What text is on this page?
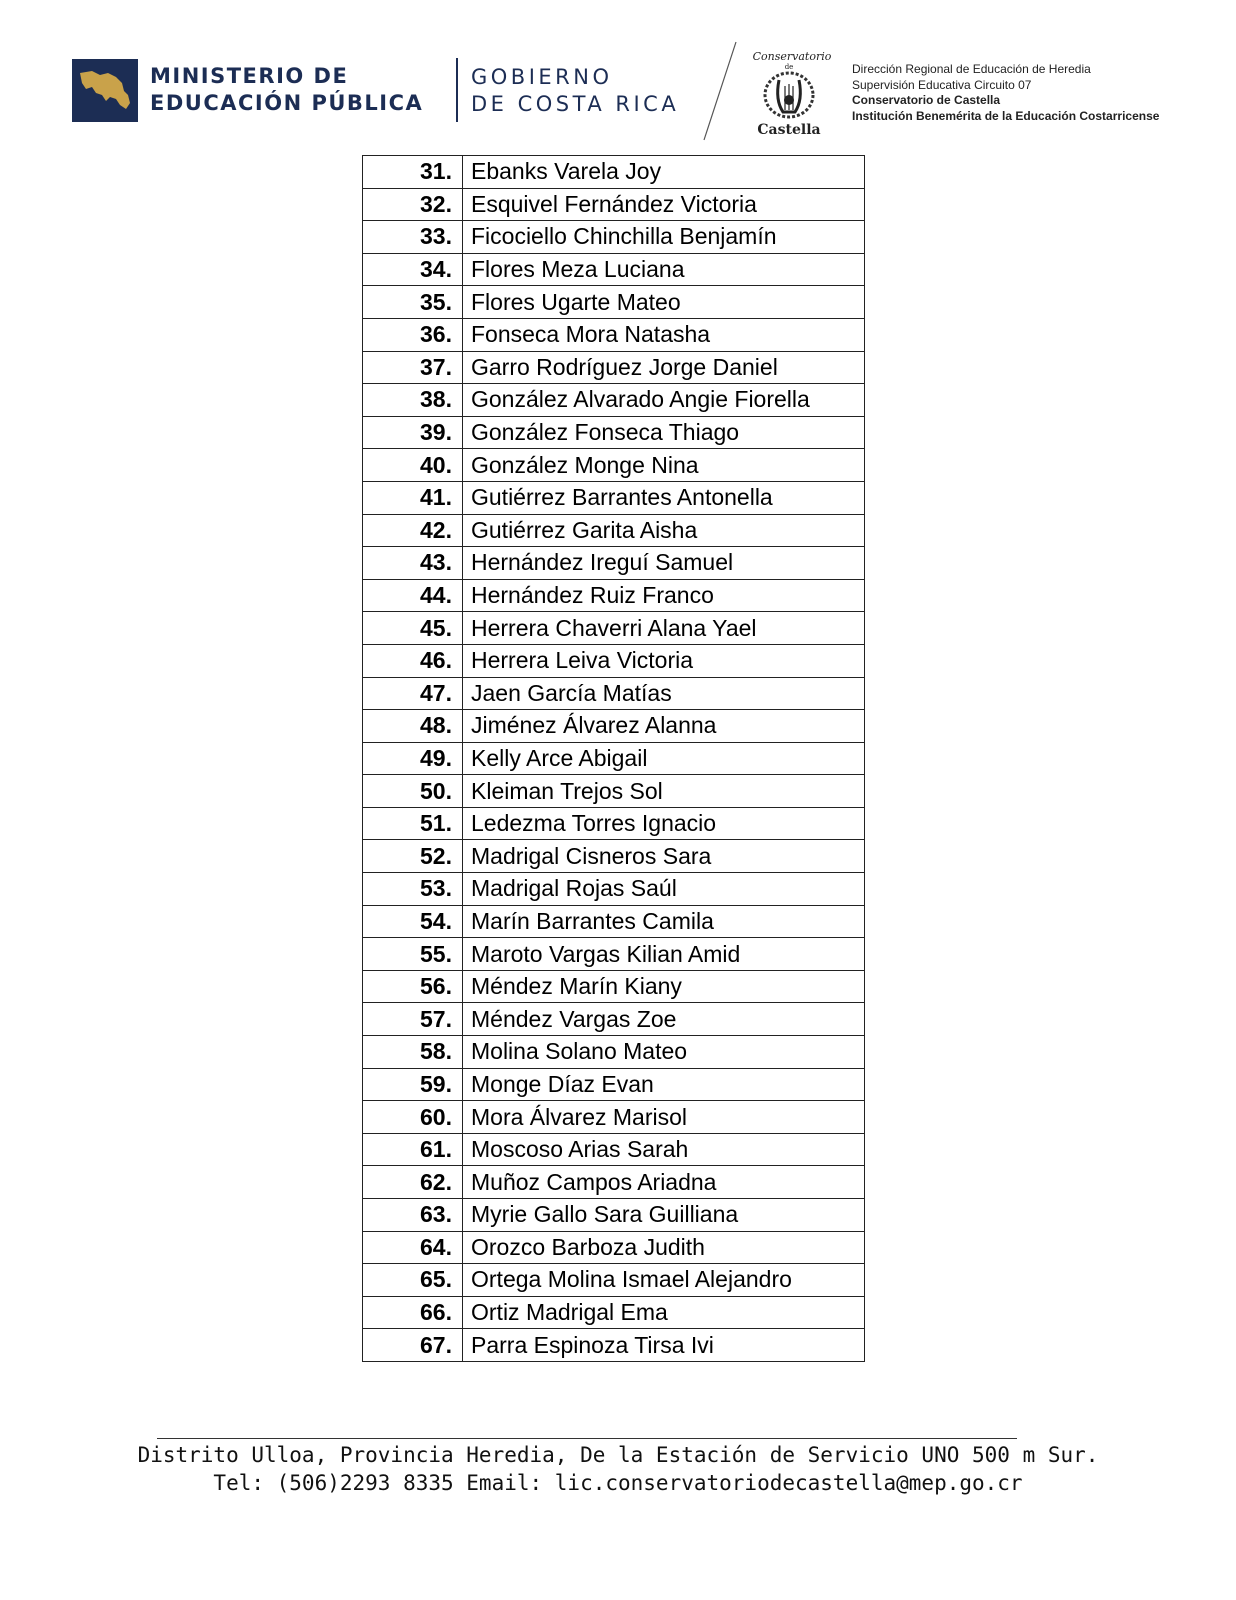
MINISTERIO DE
EDUCACIÓN PÚBLICA
GOBIERNO
DE COSTA RICA
Conservatorio
de
Castella
Dirección Regional de Educación de Heredia
Supervisión Educativa Circuito 07
Conservatorio de Castella
Institución Benemérita de la Educación Costarricense
31.	Ebanks Varela Joy
32.	Esquivel Fernández Victoria
33.	Ficociello Chinchilla Benjamín
34.	Flores Meza Luciana
35.	Flores Ugarte Mateo
36.	Fonseca Mora Natasha
37.	Garro Rodríguez Jorge Daniel
38.	González Alvarado Angie Fiorella
39.	González Fonseca Thiago
40.	González Monge Nina
41.	Gutiérrez Barrantes Antonella
42.	Gutiérrez Garita Aisha
43.	Hernández Ireguí Samuel
44.	Hernández Ruiz Franco
45.	Herrera Chaverri Alana Yael
46.	Herrera Leiva Victoria
47.	Jaen García Matías
48.	Jiménez Álvarez Alanna
49.	Kelly Arce Abigail
50.	Kleiman Trejos Sol
51.	Ledezma Torres Ignacio
52.	Madrigal Cisneros Sara
53.	Madrigal Rojas Saúl
54.	Marín Barrantes Camila
55.	Maroto Vargas Kilian Amid
56.	Méndez Marín Kiany
57.	Méndez Vargas Zoe
58.	Molina Solano Mateo
59.	Monge Díaz Evan
60.	Mora Álvarez Marisol
61.	Moscoso Arias Sarah
62.	Muñoz Campos Ariadna
63.	Myrie Gallo Sara Guilliana
64.	Orozco Barboza Judith
65.	Ortega Molina Ismael Alejandro
66.	Ortiz Madrigal Ema
67.	Parra Espinoza Tirsa Ivi
Distrito Ulloa, Provincia Heredia, De la Estación de Servicio UNO 500 m Sur.
Tel: (506)2293 8335 Email: lic.conservatoriodecastella@mep.go.cr
